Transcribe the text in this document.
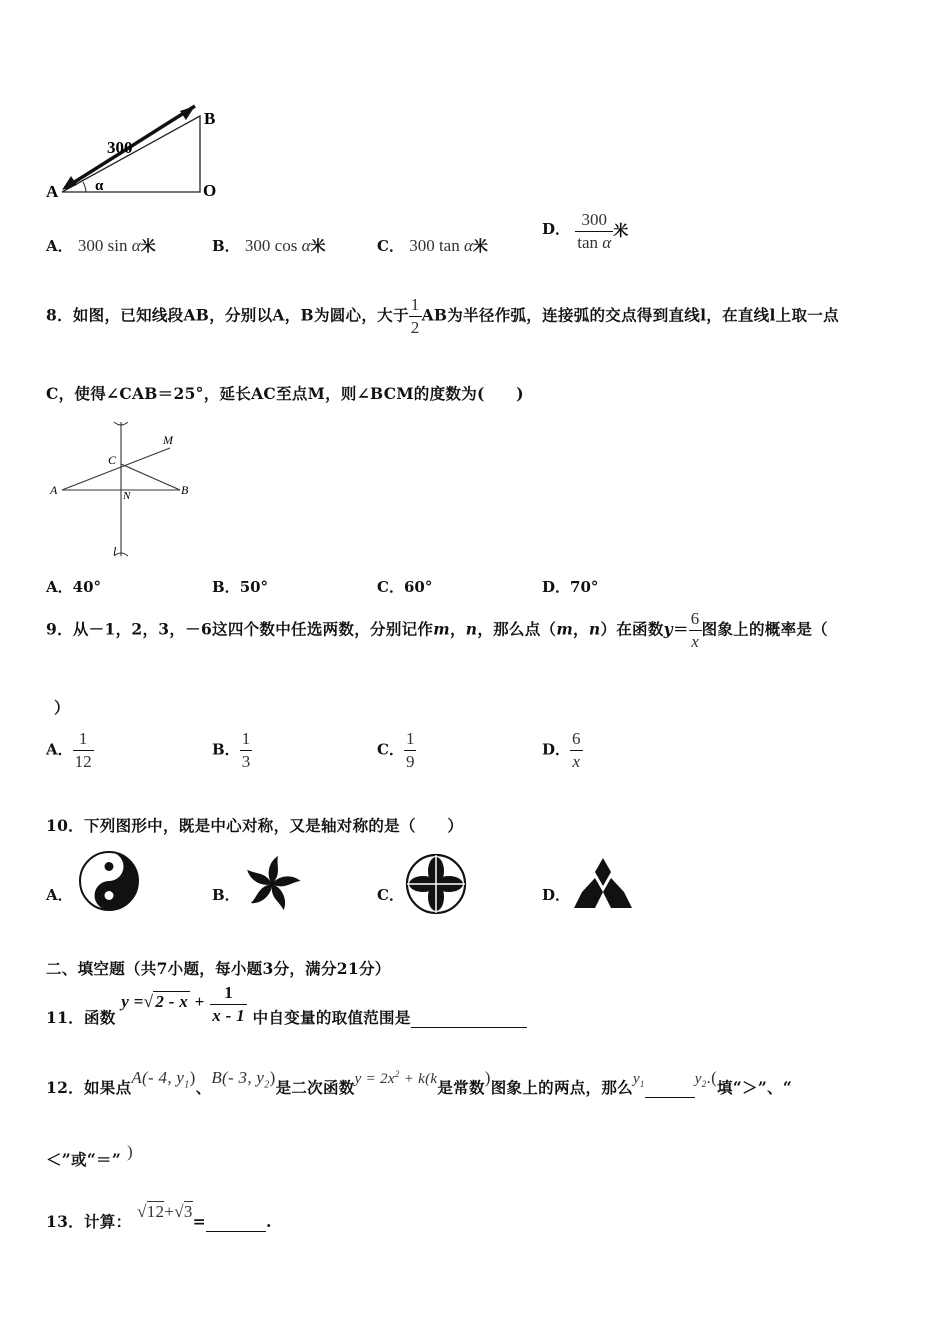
A
B
O
300
α
A． 300 sin α米	B． 300 cos α米	C． 300 tan α米
D． $\frac{300}{\text{tan α}}$ 米
8．如图，已知线段AB，分别以A，B为圆心，大于 $\frac{1}{2}$ AB为半径作弧，连接弧的交点得到直线l，在直线l上取一点
C，使得∠CAB＝25°，延长AC至点M，则∠BCM的度数为(　　)
A	B
C
M
N
l
A．40°	B．50°	C．60°	D．70°
9．从－1，2，3，－6这四个数中任选两数，分别记作m，n，那么点（m，n）在函数$y= \frac{6}{x}$ 图象上的概率是（
）
A． $\frac{1}{12}$	B． $\frac{1}{3}$	C． $\frac{1}{9}$	D． $\frac{6}{x}$
10．下列图形中，既是中心对称，又是轴对称的是（　　）
A．	B．	C．	D．
二、填空题（共7小题，每小题3分，满分21分）
11．函数 y =√ $2 - x + \frac{1}{x - 1}$ 中自变量的取值范围是
12．如果点A(- 4, $y_1$)、B(- 3, $y_2$)是二次函数$y = 2x^2 + k(k$是常数)图象上的两点，那么$y_1$	$y_2$.(填“＞”、“
＜”或“＝” )
13．计算： √12+√3=	.
